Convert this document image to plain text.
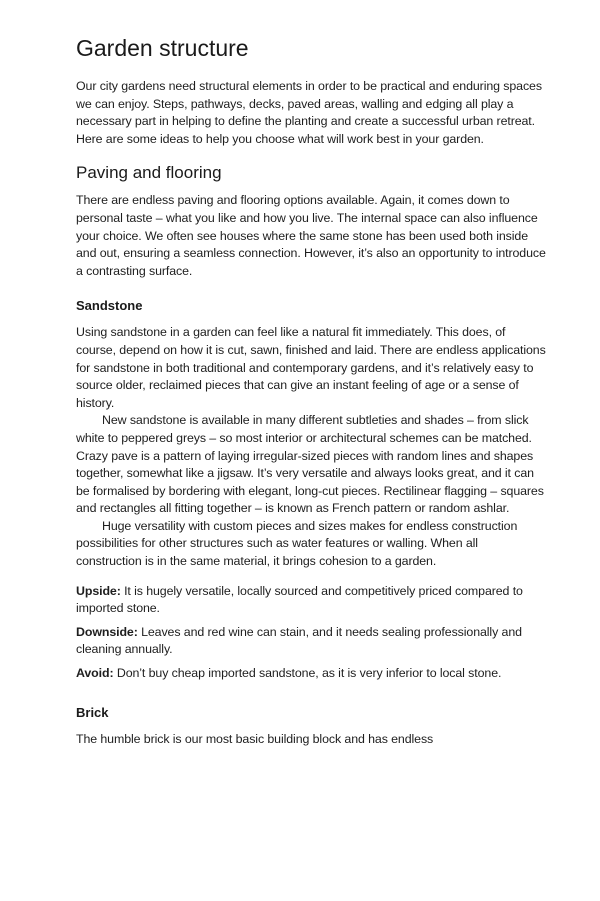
Garden structure

Our city gardens need structural elements in order to be practical and enduring spaces we can enjoy. Steps, pathways, decks, paved areas, walling and edging all play a necessary part in helping to define the planting and create a successful urban retreat. Here are some ideas to help you choose what will work best in your garden.

Paving and flooring

There are endless paving and flooring options available. Again, it comes down to personal taste – what you like and how you live. The internal space can also influence your choice. We often see houses where the same stone has been used both inside and out, ensuring a seamless connection. However, it’s also an opportunity to introduce a contrasting surface.

Sandstone

Using sandstone in a garden can feel like a natural fit immediately. This does, of course, depend on how it is cut, sawn, finished and laid. There are endless applications for sandstone in both traditional and contemporary gardens, and it’s relatively easy to source older, reclaimed pieces that can give an instant feeling of age or a sense of history.

New sandstone is available in many different subtleties and shades – from slick white to peppered greys – so most interior or architectural schemes can be matched. Crazy pave is a pattern of laying irregular-sized pieces with random lines and shapes together, somewhat like a jigsaw. It’s very versatile and always looks great, and it can be formalised by bordering with elegant, long-cut pieces. Rectilinear flagging – squares and rectangles all fitting together – is known as French pattern or random ashlar.

Huge versatility with custom pieces and sizes makes for endless construction possibilities for other structures such as water features or walling. When all construction is in the same material, it brings cohesion to a garden.

Upside: It is hugely versatile, locally sourced and competitively priced compared to imported stone.

Downside: Leaves and red wine can stain, and it needs sealing professionally and cleaning annually.

Avoid: Don’t buy cheap imported sandstone, as it is very inferior to local stone.

Brick

The humble brick is our most basic building block and has endless
